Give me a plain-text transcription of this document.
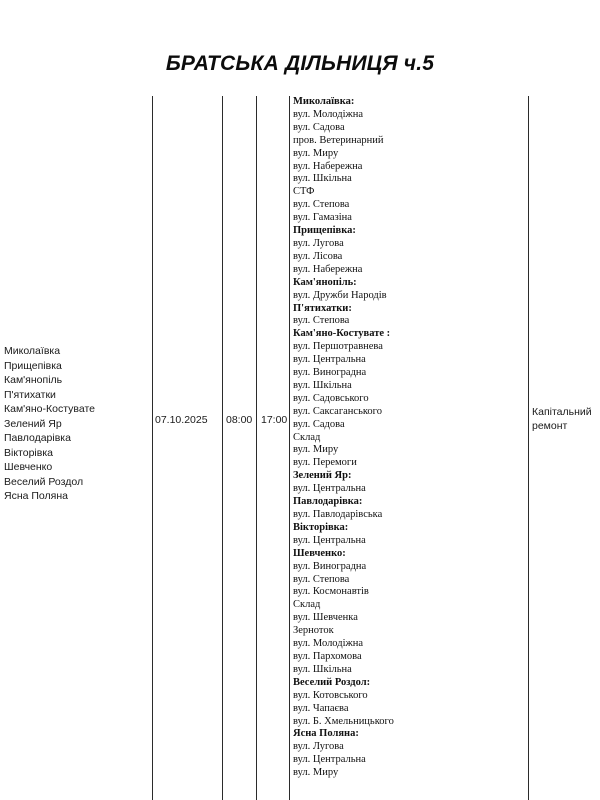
БРАТСЬКА ДІЛЬНИЦЯ ч.5
Миколаївка
Прищепівка
Кам'янопіль
П'ятихатки
Кам'яно-Костувате
Зелений Яр
Павлодарівка
Вікторівка
Шевченко
Веселий Роздол
Ясна Поляна
07.10.2025 08:00 17:00
Капітальний ремонт
Миколаївка:
вул. Молодіжна
вул. Садова
пров. Ветеринарний
вул. Миру
вул. Набережна
вул. Шкільна
СТФ
вул. Степова
вул. Гамазіна
Прищепівка:
вул. Лугова
вул. Лісова
вул. Набережна
Кам'янопіль:
вул. Дружби Народів
П'ятихатки:
вул. Степова
Кам'яно-Костувате :
вул. Першотравнева
вул. Центральна
вул. Виноградна
вул. Шкільна
вул. Садовського
вул. Саксаганського
вул. Садова
Склад
вул. Миру
вул. Перемоги
Зелений Яр:
вул. Центральна
Павлодарівка:
вул. Павлодарівська
Вікторівка:
вул. Центральна
Шевченко:
вул. Виноградна
вул. Степова
вул. Космонавтів
Склад
вул. Шевченка
Зерноток
вул. Молодіжна
вул. Пархомова
вул. Шкільна
Веселий Роздол:
вул. Котовського
вул. Чапаєва
вул. Б. Хмельницького
Ясна Поляна:
вул. Лугова
вул. Центральна
вул. Миру
